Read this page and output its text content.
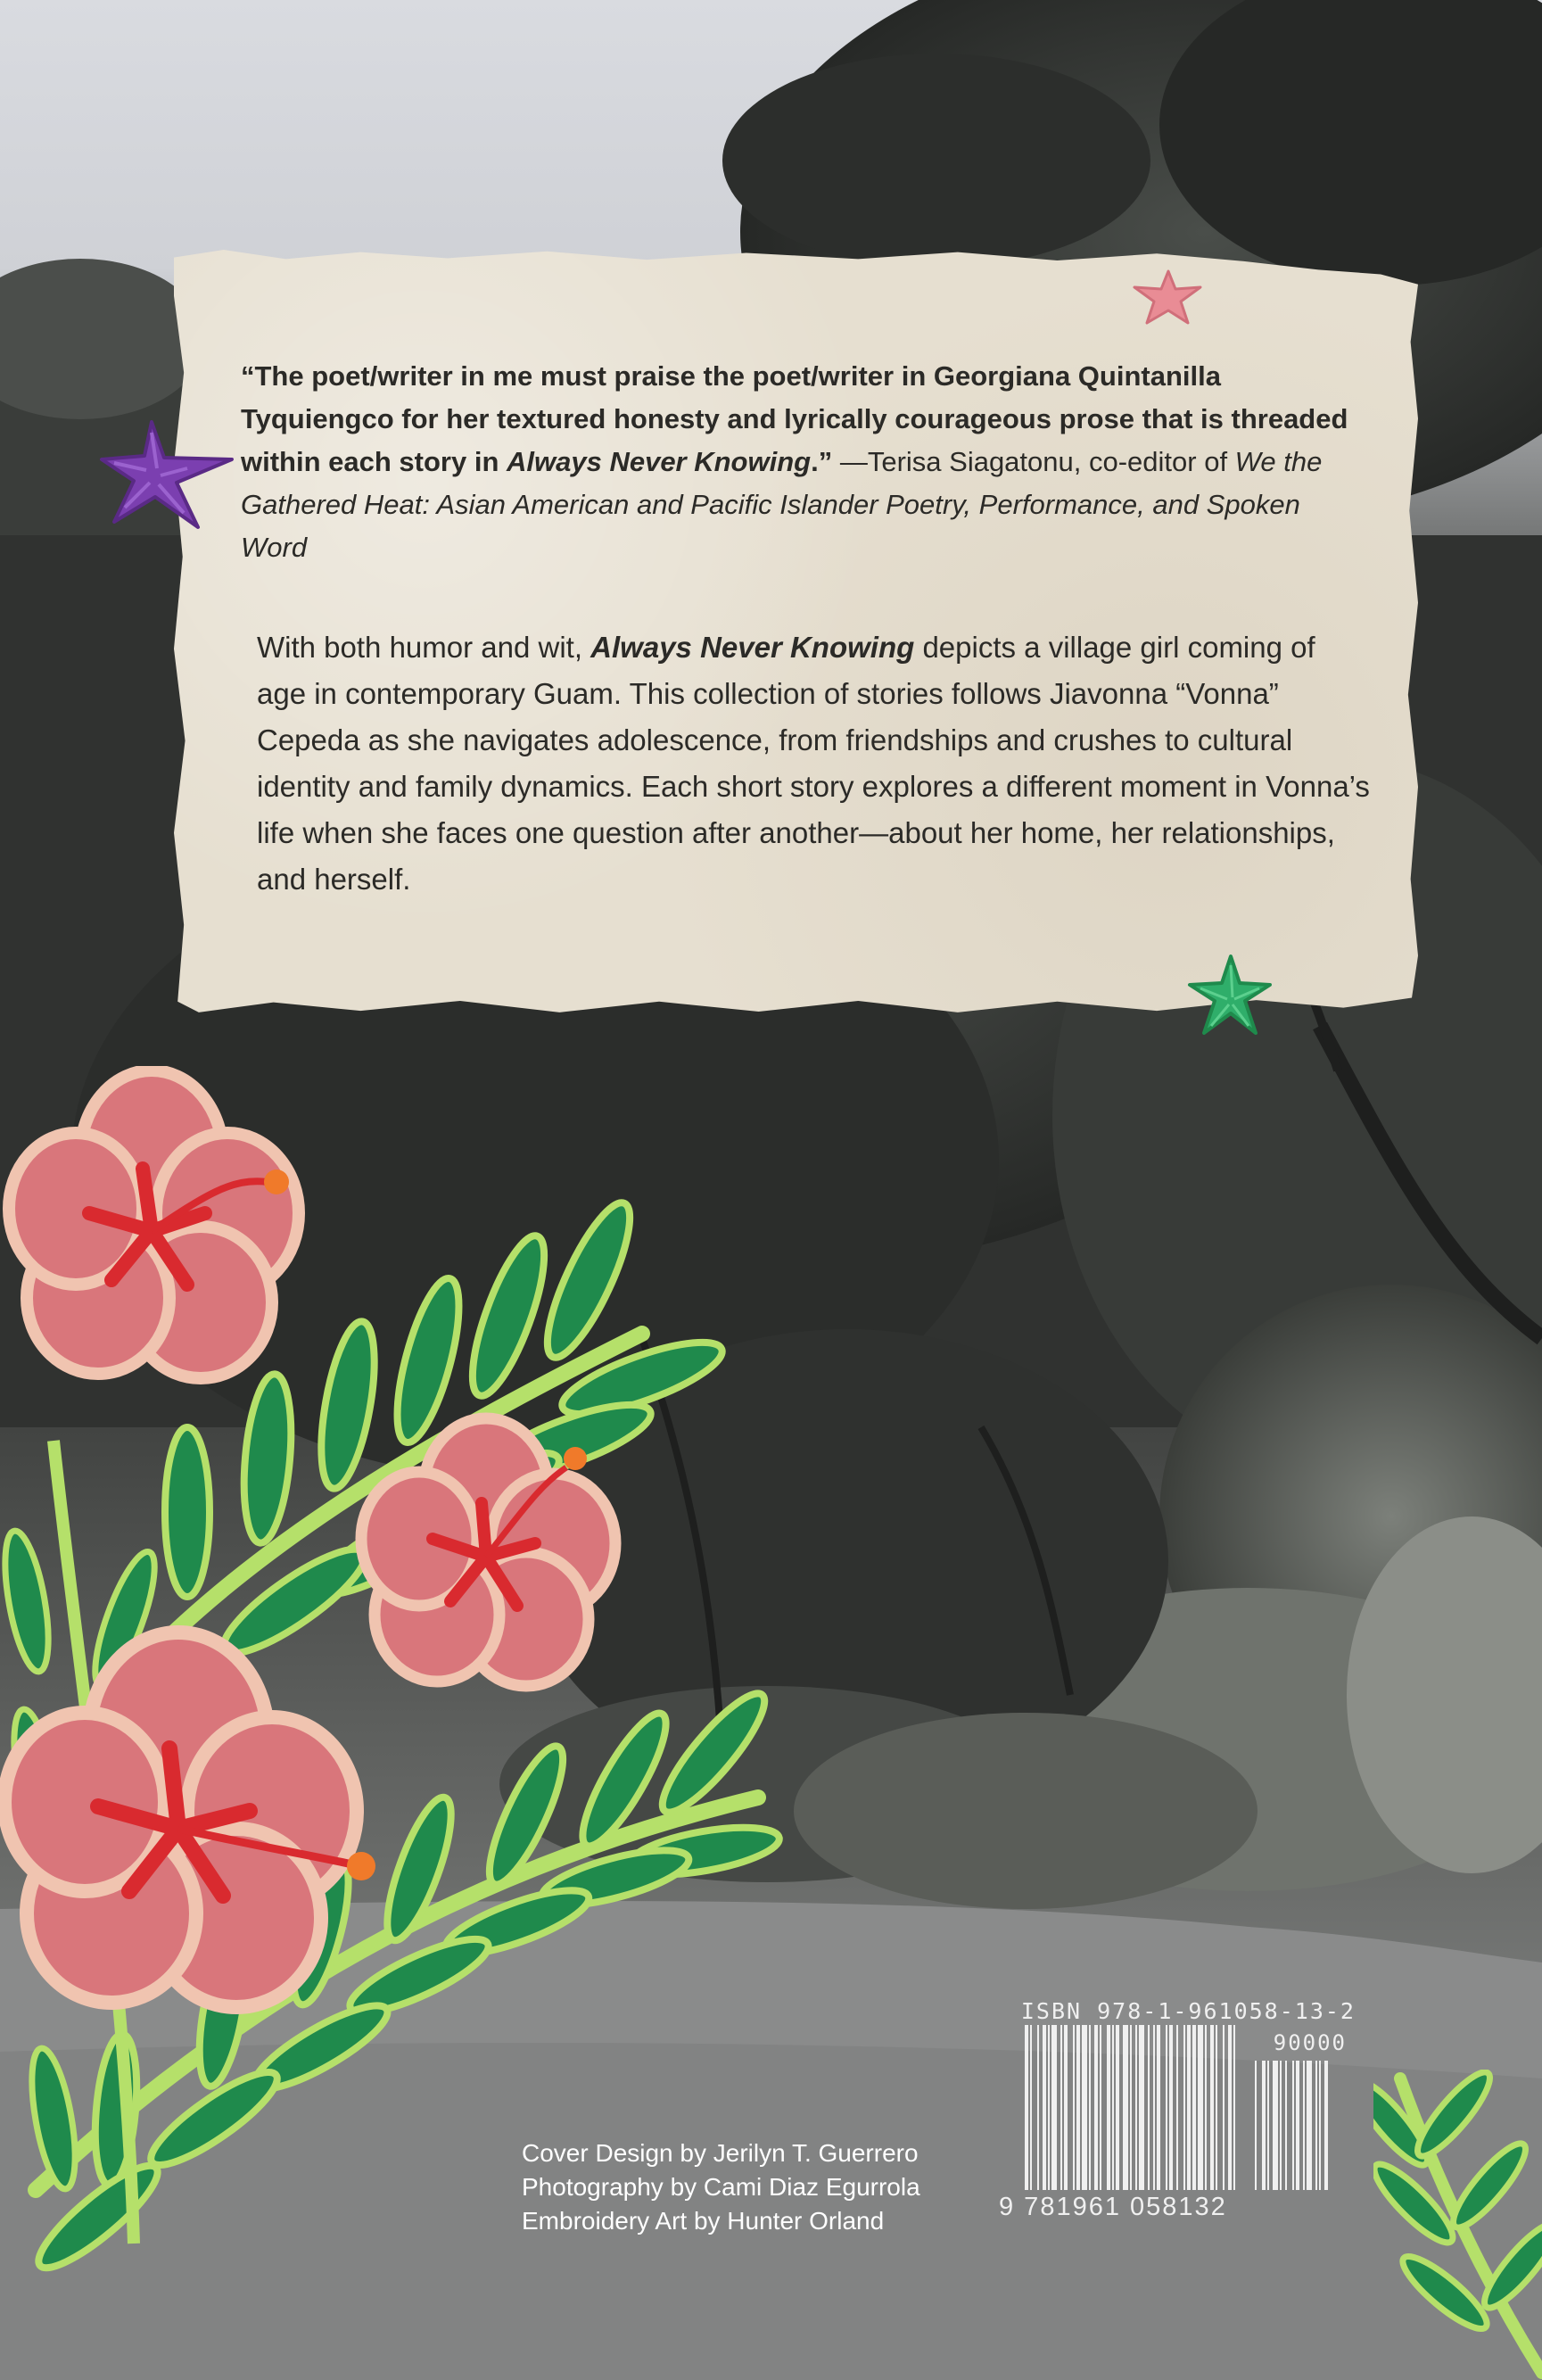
“The poet/writer in me must praise the poet/writer in Georgiana Quintanilla Tyquiengco for her textured honesty and lyrically courageous prose that is threaded within each story in Always Never Knowing.” —Terisa Siagatonu, co-editor of We the Gathered Heat: Asian American and Pacific Islander Poetry, Performance, and Spoken Word

With both humor and wit, Always Never Knowing depicts a village girl coming of age in contemporary Guam. This collection of stories follows Jiavonna “Vonna” Cepeda as she navigates adolescence, from friendships and crushes to cultural identity and family dynamics. Each short story explores a different moment in Vonna’s life when she faces one question after another—about her home, her relationships, and herself.

Cover Design by Jerilyn T. Guerrero
Photography by Cami Diaz Egurrola
Embroidery Art by Hunter Orland
ISBN 978-1-961058-13-2
90000
9 781961 058132
